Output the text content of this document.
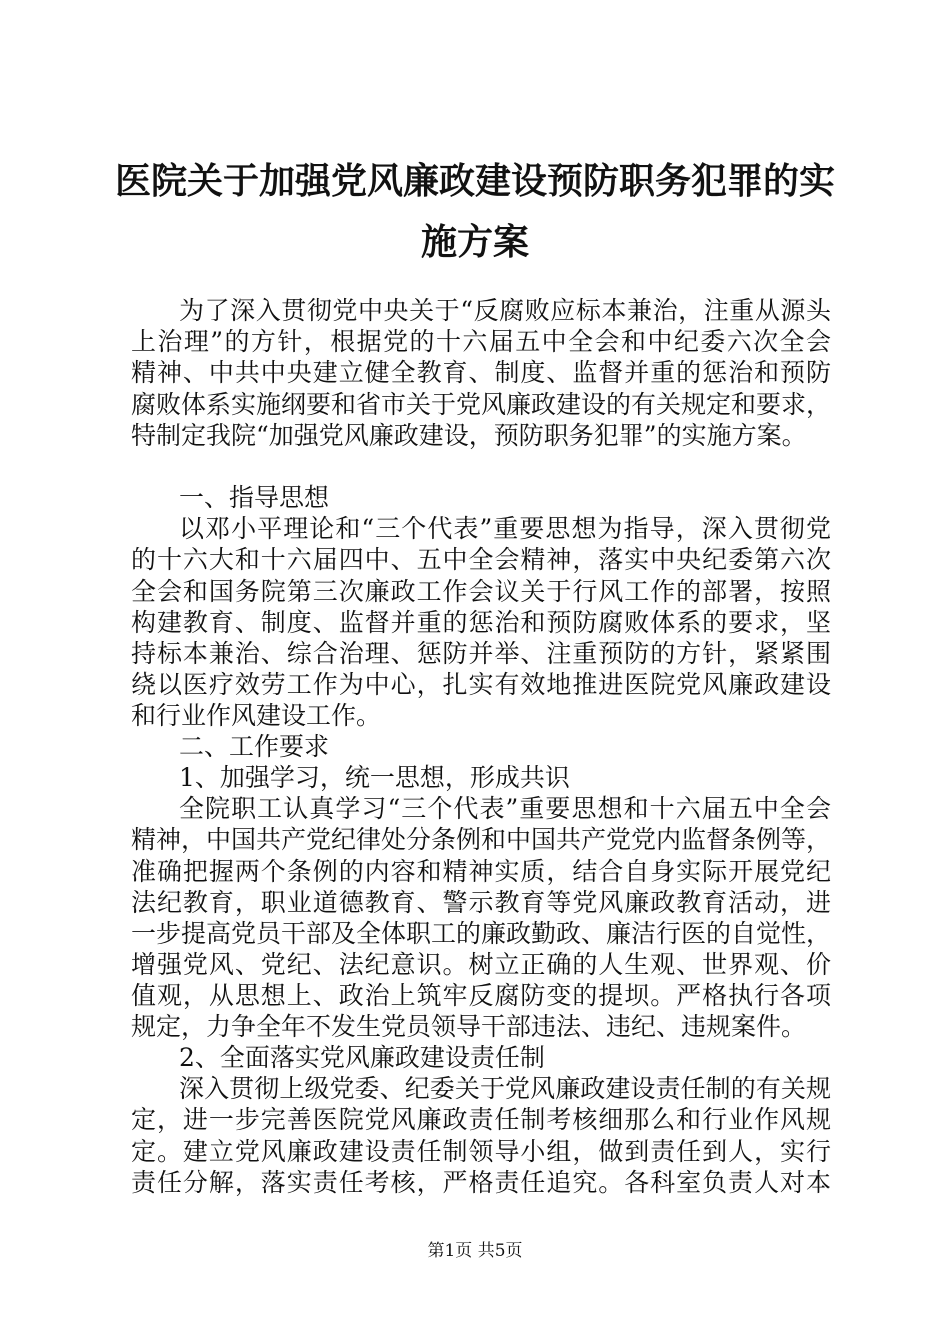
医院关于加强党风廉政建设预防职务犯罪的实
施方案
为了深入贯彻党中央关于“反腐败应标本兼治，注重从源头
上治理”的方针，根据党的十六届五中全会和中纪委六次全会
精神、中共中央建立健全教育、制度、监督并重的惩治和预防
腐败体系实施纲要和省市关于党风廉政建设的有关规定和要求，
特制定我院“加强党风廉政建设，预防职务犯罪”的实施方案。
一、指导思想
以邓小平理论和“三个代表”重要思想为指导，深入贯彻党
的十六大和十六届四中、五中全会精神，落实中央纪委第六次
全会和国务院第三次廉政工作会议关于行风工作的部署，按照
构建教育、制度、监督并重的惩治和预防腐败体系的要求，坚
持标本兼治、综合治理、惩防并举、注重预防的方针，紧紧围
绕以医疗效劳工作为中心，扎实有效地推进医院党风廉政建设
和行业作风建设工作。
二、工作要求
1、加强学习，统一思想，形成共识
全院职工认真学习“三个代表”重要思想和十六届五中全会
精神，中国共产党纪律处分条例和中国共产党党内监督条例等，
准确把握两个条例的内容和精神实质，结合自身实际开展党纪
法纪教育，职业道德教育、警示教育等党风廉政教育活动，进
一步提高党员干部及全体职工的廉政勤政、廉洁行医的自觉性，
增强党风、党纪、法纪意识。树立正确的人生观、世界观、价
值观，从思想上、政治上筑牢反腐防变的提坝。严格执行各项
规定，力争全年不发生党员领导干部违法、违纪、违规案件。
2、全面落实党风廉政建设责任制
深入贯彻上级党委、纪委关于党风廉政建设责任制的有关规
定，进一步完善医院党风廉政责任制考核细那么和行业作风规
定。建立党风廉政建设责任制领导小组，做到责任到人，实行
责任分解，落实责任考核，严格责任追究。各科室负责人对本
第1页 共5页
